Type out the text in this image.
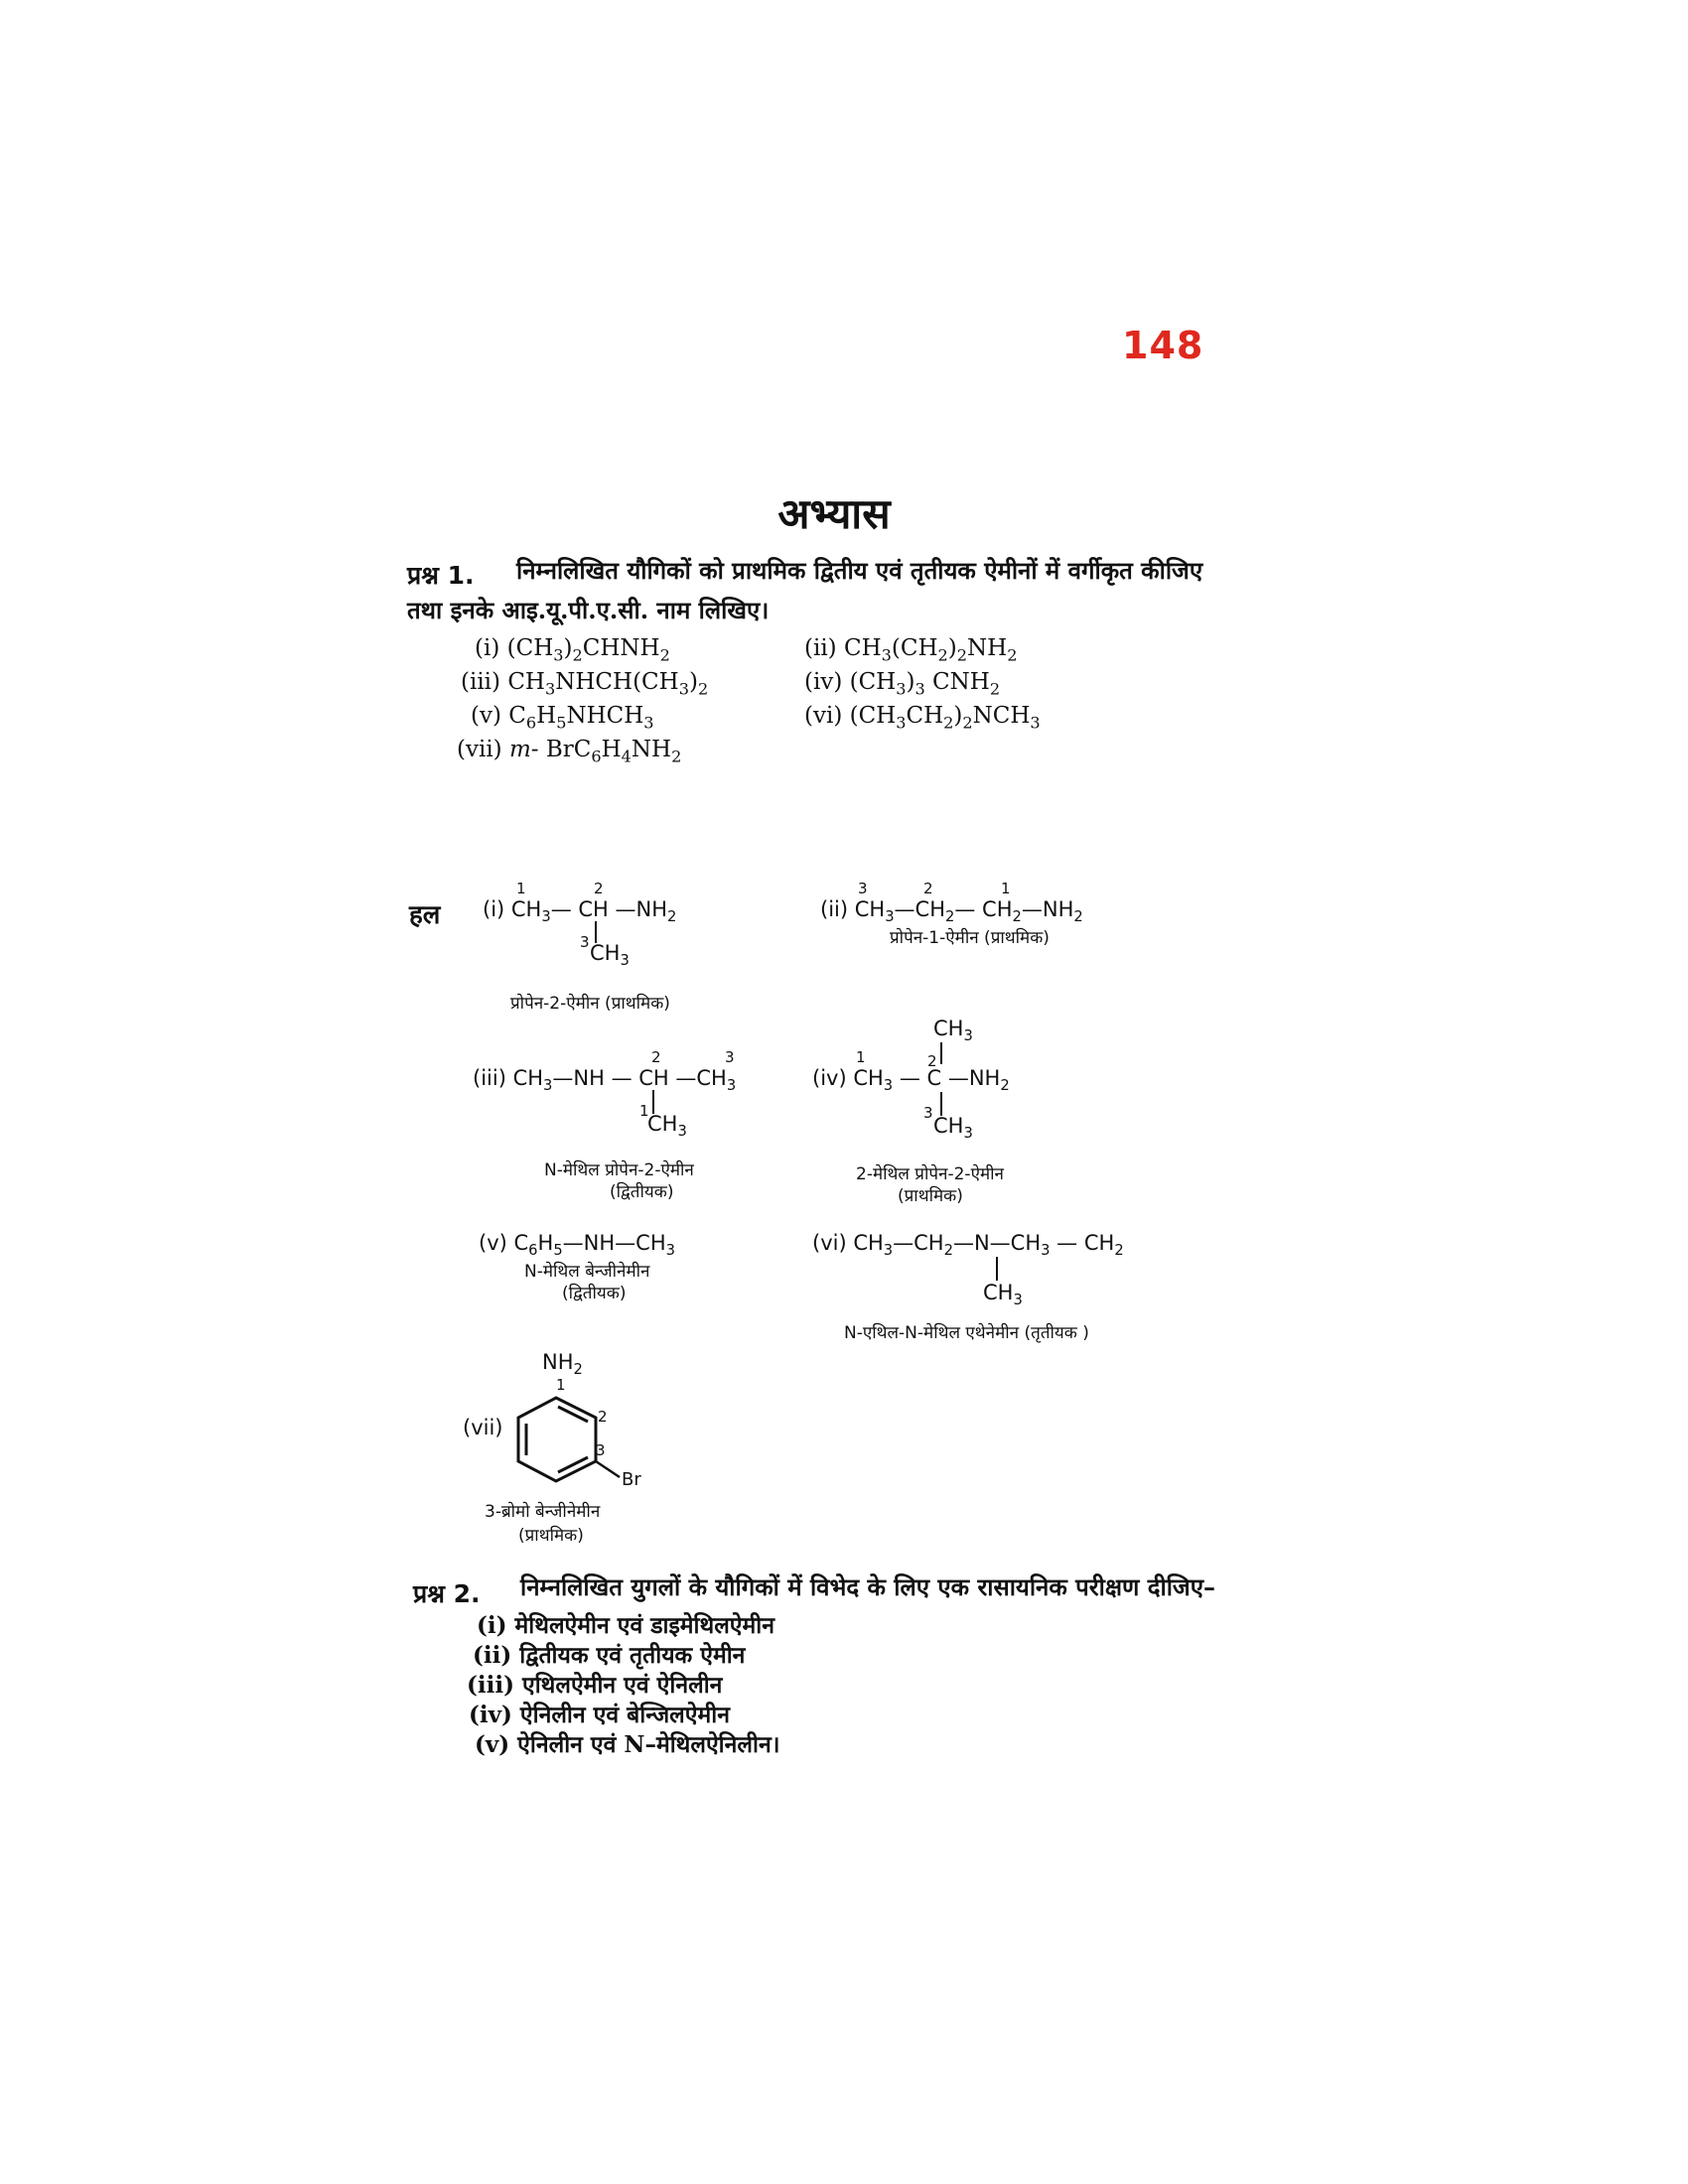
148
अभ्यास
प्रश्न 1. निम्नलिखित यौगिकों को प्राथमिक द्वितीय एवं तृतीयक ऐमीनों में वर्गीकृत कीजिए
तथा इनके आइ.यू.पी.ए.सी. नाम लिखिए।
(i) $(CH_3)_2CHNH_2$	(ii) $CH_3(CH_2)_2NH_2$
(iii) $CH_3NHCH(CH_3)_2$	(iv) $(CH_3)_3$ $CNH_2$
(v) $C_6H_5NHCH_3$	(vi) $(CH_3CH_2)_2NCH_3$
(vii) m- $BrC_6H_4NH_2$
हल
1	2
(i) $CH_3—$ CH $—NH_2$
3 $CH_3$
प्रोपेन-2-ऐमीन (प्राथमिक)
3	2	1
(ii) $CH_3—CH_2—$ $CH_2—NH_2$
प्रोपेन-1-ऐमीन (प्राथमिक)
2	3
(iii) $CH_3—NH$ — CH $—CH_3$
1
$CH_3$
N-मेथिल प्रोपेन-2-ऐमीन
(द्वितीयक)
$CH_3$
1	2
(iv) $CH_3$ — C $—NH_2$
3
$CH_3$
2-मेथिल प्रोपेन-2-ऐमीन
(प्राथमिक)
(v) $C_6H_5—NH—CH_3$
N-मेथिल बेन्जीनेमीन
(द्वितीयक)
(vi) $CH_3—CH_2—N—CH_3$ — $CH_2$
$CH_3$
N-एथिल-N-मेथिल एथेनेमीन (तृतीयक )
$NH_2$
1
(vii)	2
3
Br
3-ब्रोमो बेन्जीनेमीन
(प्राथमिक)
प्रश्न 2. निम्नलिखित युगलों के यौगिकों में विभेद के लिए एक रासायनिक परीक्षण दीजिए–
(i) मेथिलऐमीन एवं डाइमेथिलऐमीन
(ii) द्वितीयक एवं तृतीयक ऐमीन
(iii) एथिलऐमीन एवं ऐनिलीन
(iv) ऐनिलीन एवं बेन्जिलऐमीन
(v) ऐनिलीन एवं N–मेथिलऐनिलीन।
